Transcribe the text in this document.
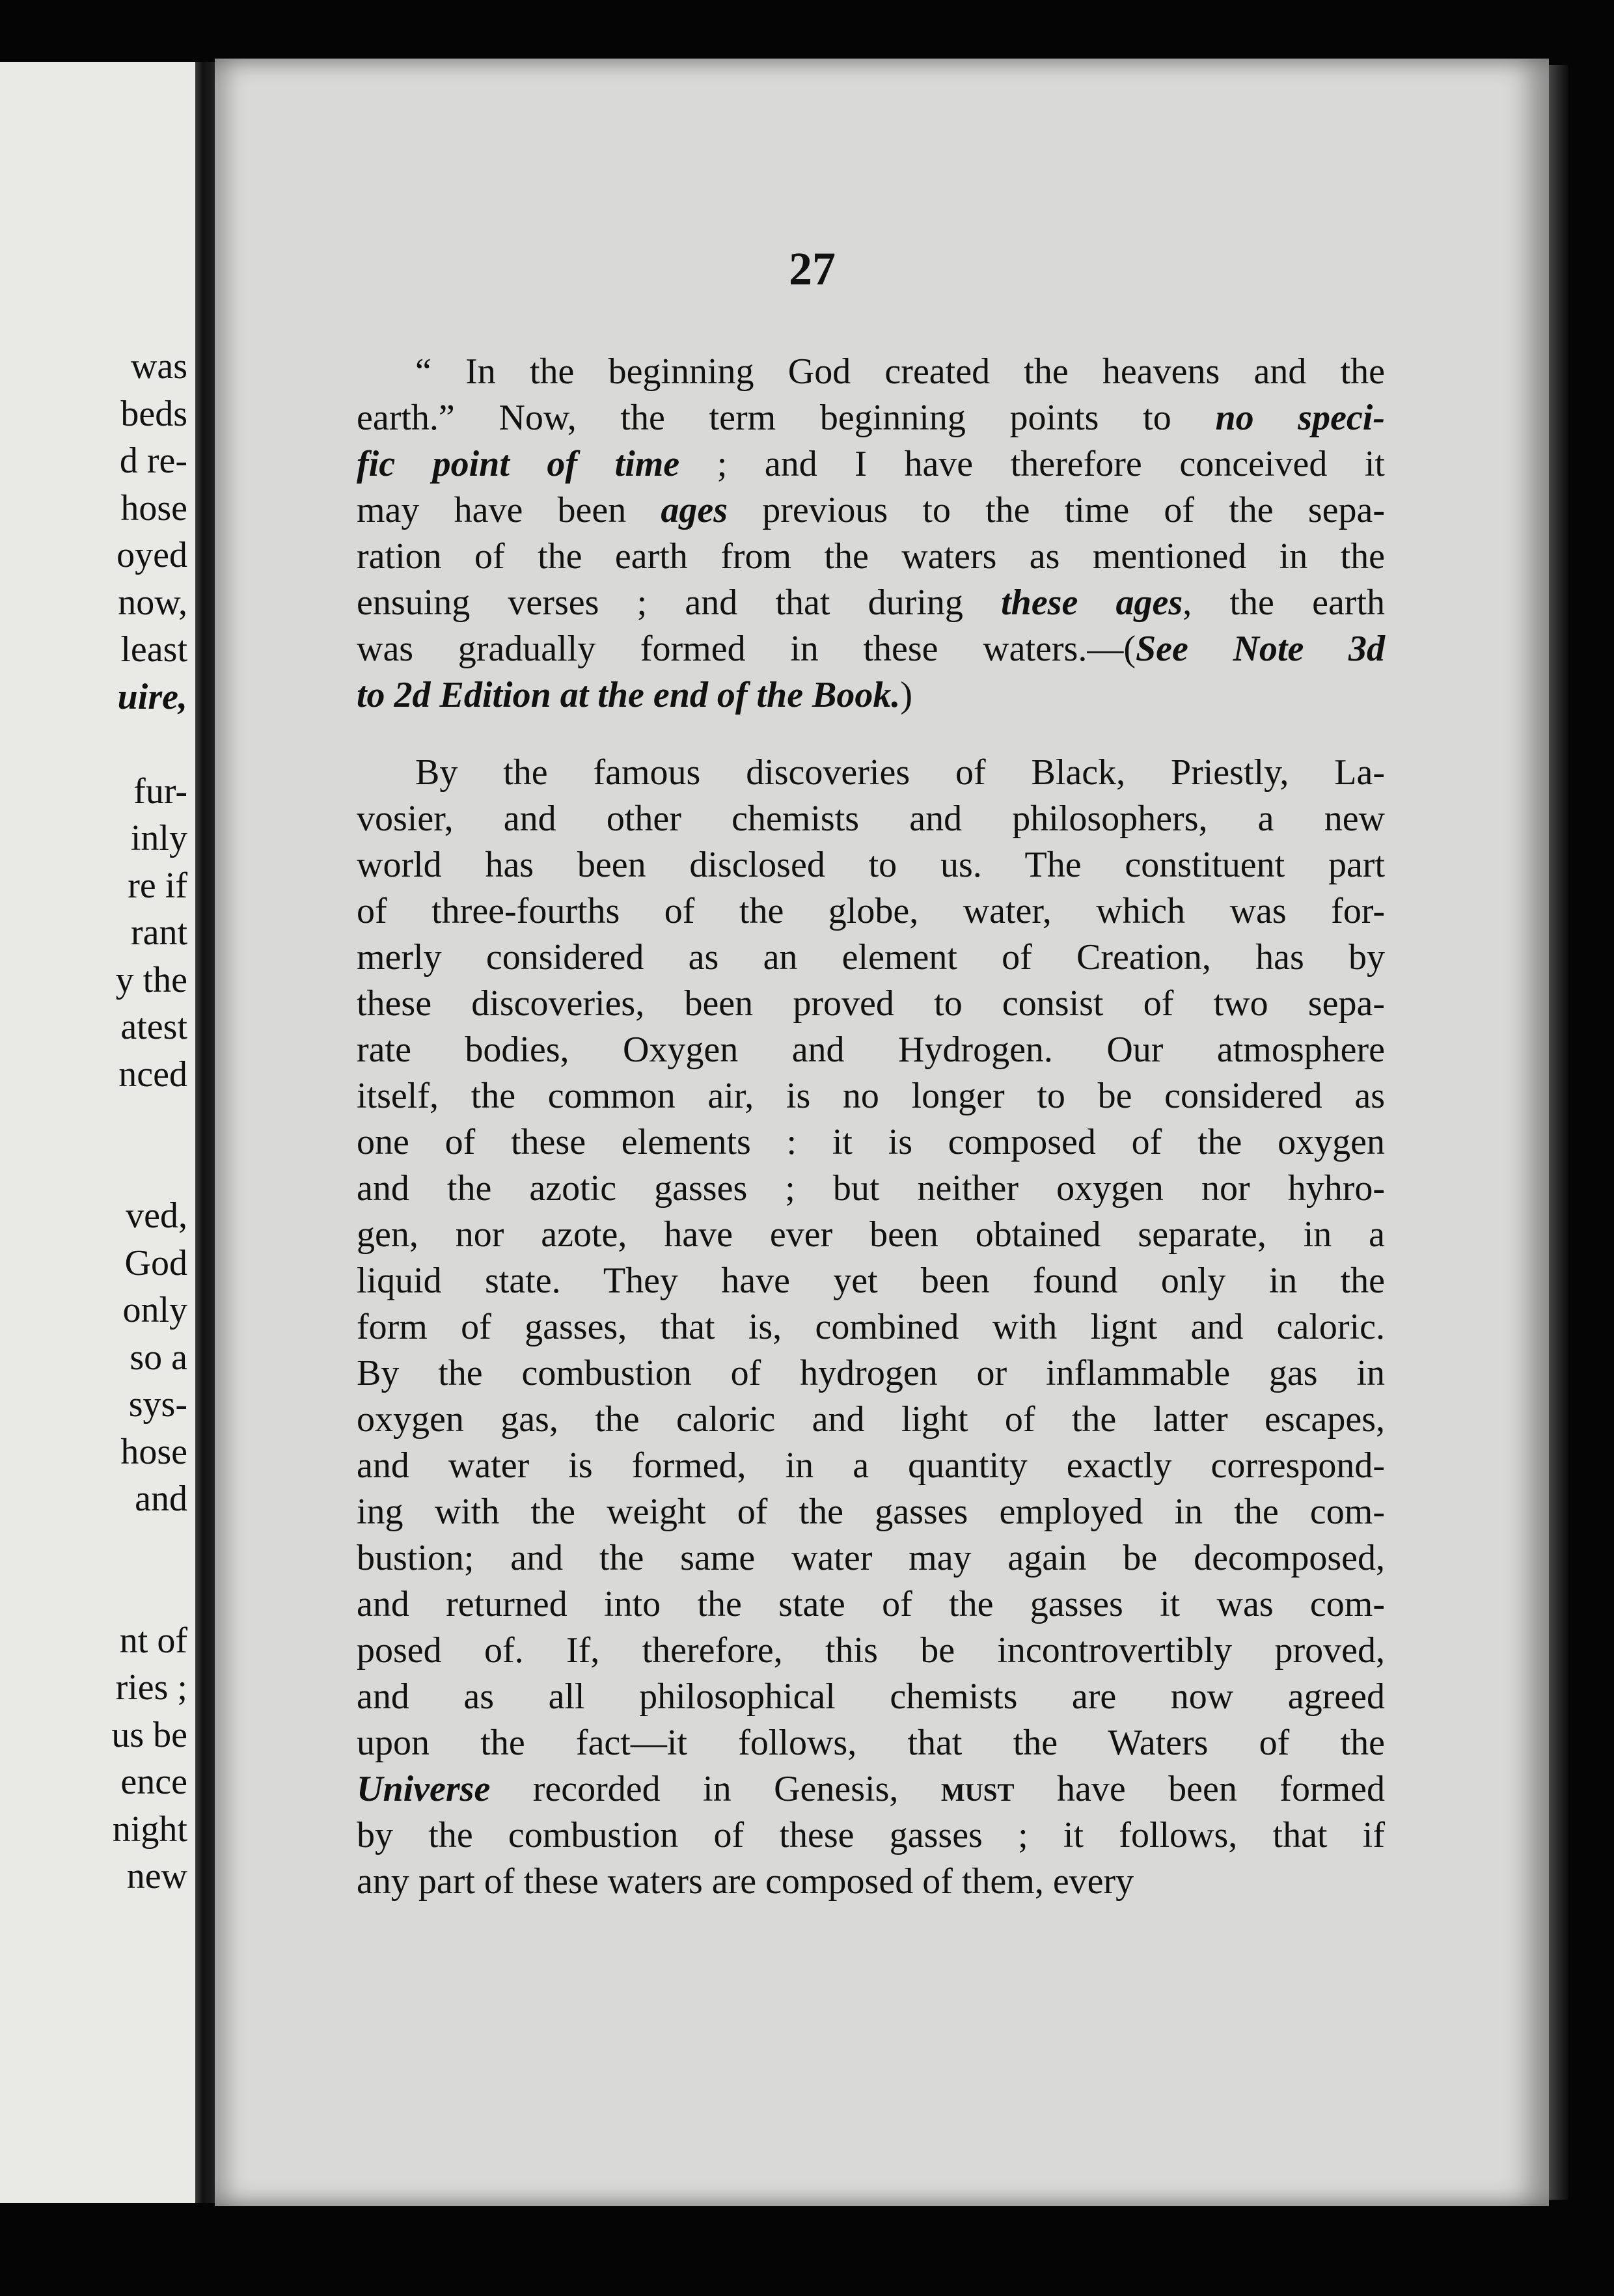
was
beds
d re-
hose
oyed
now,
least
uire,
fur-
inly
re if
rant
y the
atest
nced
ved,
God
only
so a
sys-
hose
and
nt of
ries ;
us be
ence
night
new
27
“ In the beginning God created the heavens and the
earth.” Now, the term beginning points to no speci-
fic point of time ; and I have therefore conceived it
may have been ages previous to the time of the sepa-
ration of the earth from the waters as mentioned in the
ensuing verses ; and that during these ages, the earth
was gradually formed in these waters.—(See Note 3d
to 2d Edition at the end of the Book.)
By the famous discoveries of Black, Priestly, La-
vosier, and other chemists and philosophers, a new
world has been disclosed to us. The constituent part
of three-fourths of the globe, water, which was for-
merly considered as an element of Creation, has by
these discoveries, been proved to consist of two sepa-
rate bodies, Oxygen and Hydrogen. Our atmosphere
itself, the common air, is no longer to be considered as
one of these elements : it is composed of the oxygen
and the azotic gasses ; but neither oxygen nor hyhro-
gen, nor azote, have ever been obtained separate, in a
liquid state. They have yet been found only in the
form of gasses, that is, combined with lignt and caloric.
By the combustion of hydrogen or inflammable gas in
oxygen gas, the caloric and light of the latter escapes,
and water is formed, in a quantity exactly correspond-
ing with the weight of the gasses employed in the com-
bustion; and the same water may again be decomposed,
and returned into the state of the gasses it was com-
posed of. If, therefore, this be incontrovertibly proved,
and as all philosophical chemists are now agreed
upon the fact—it follows, that the Waters of the
Universe recorded in Genesis, must have been formed
by the combustion of these gasses ; it follows, that if
any part of these waters are composed of them, every
